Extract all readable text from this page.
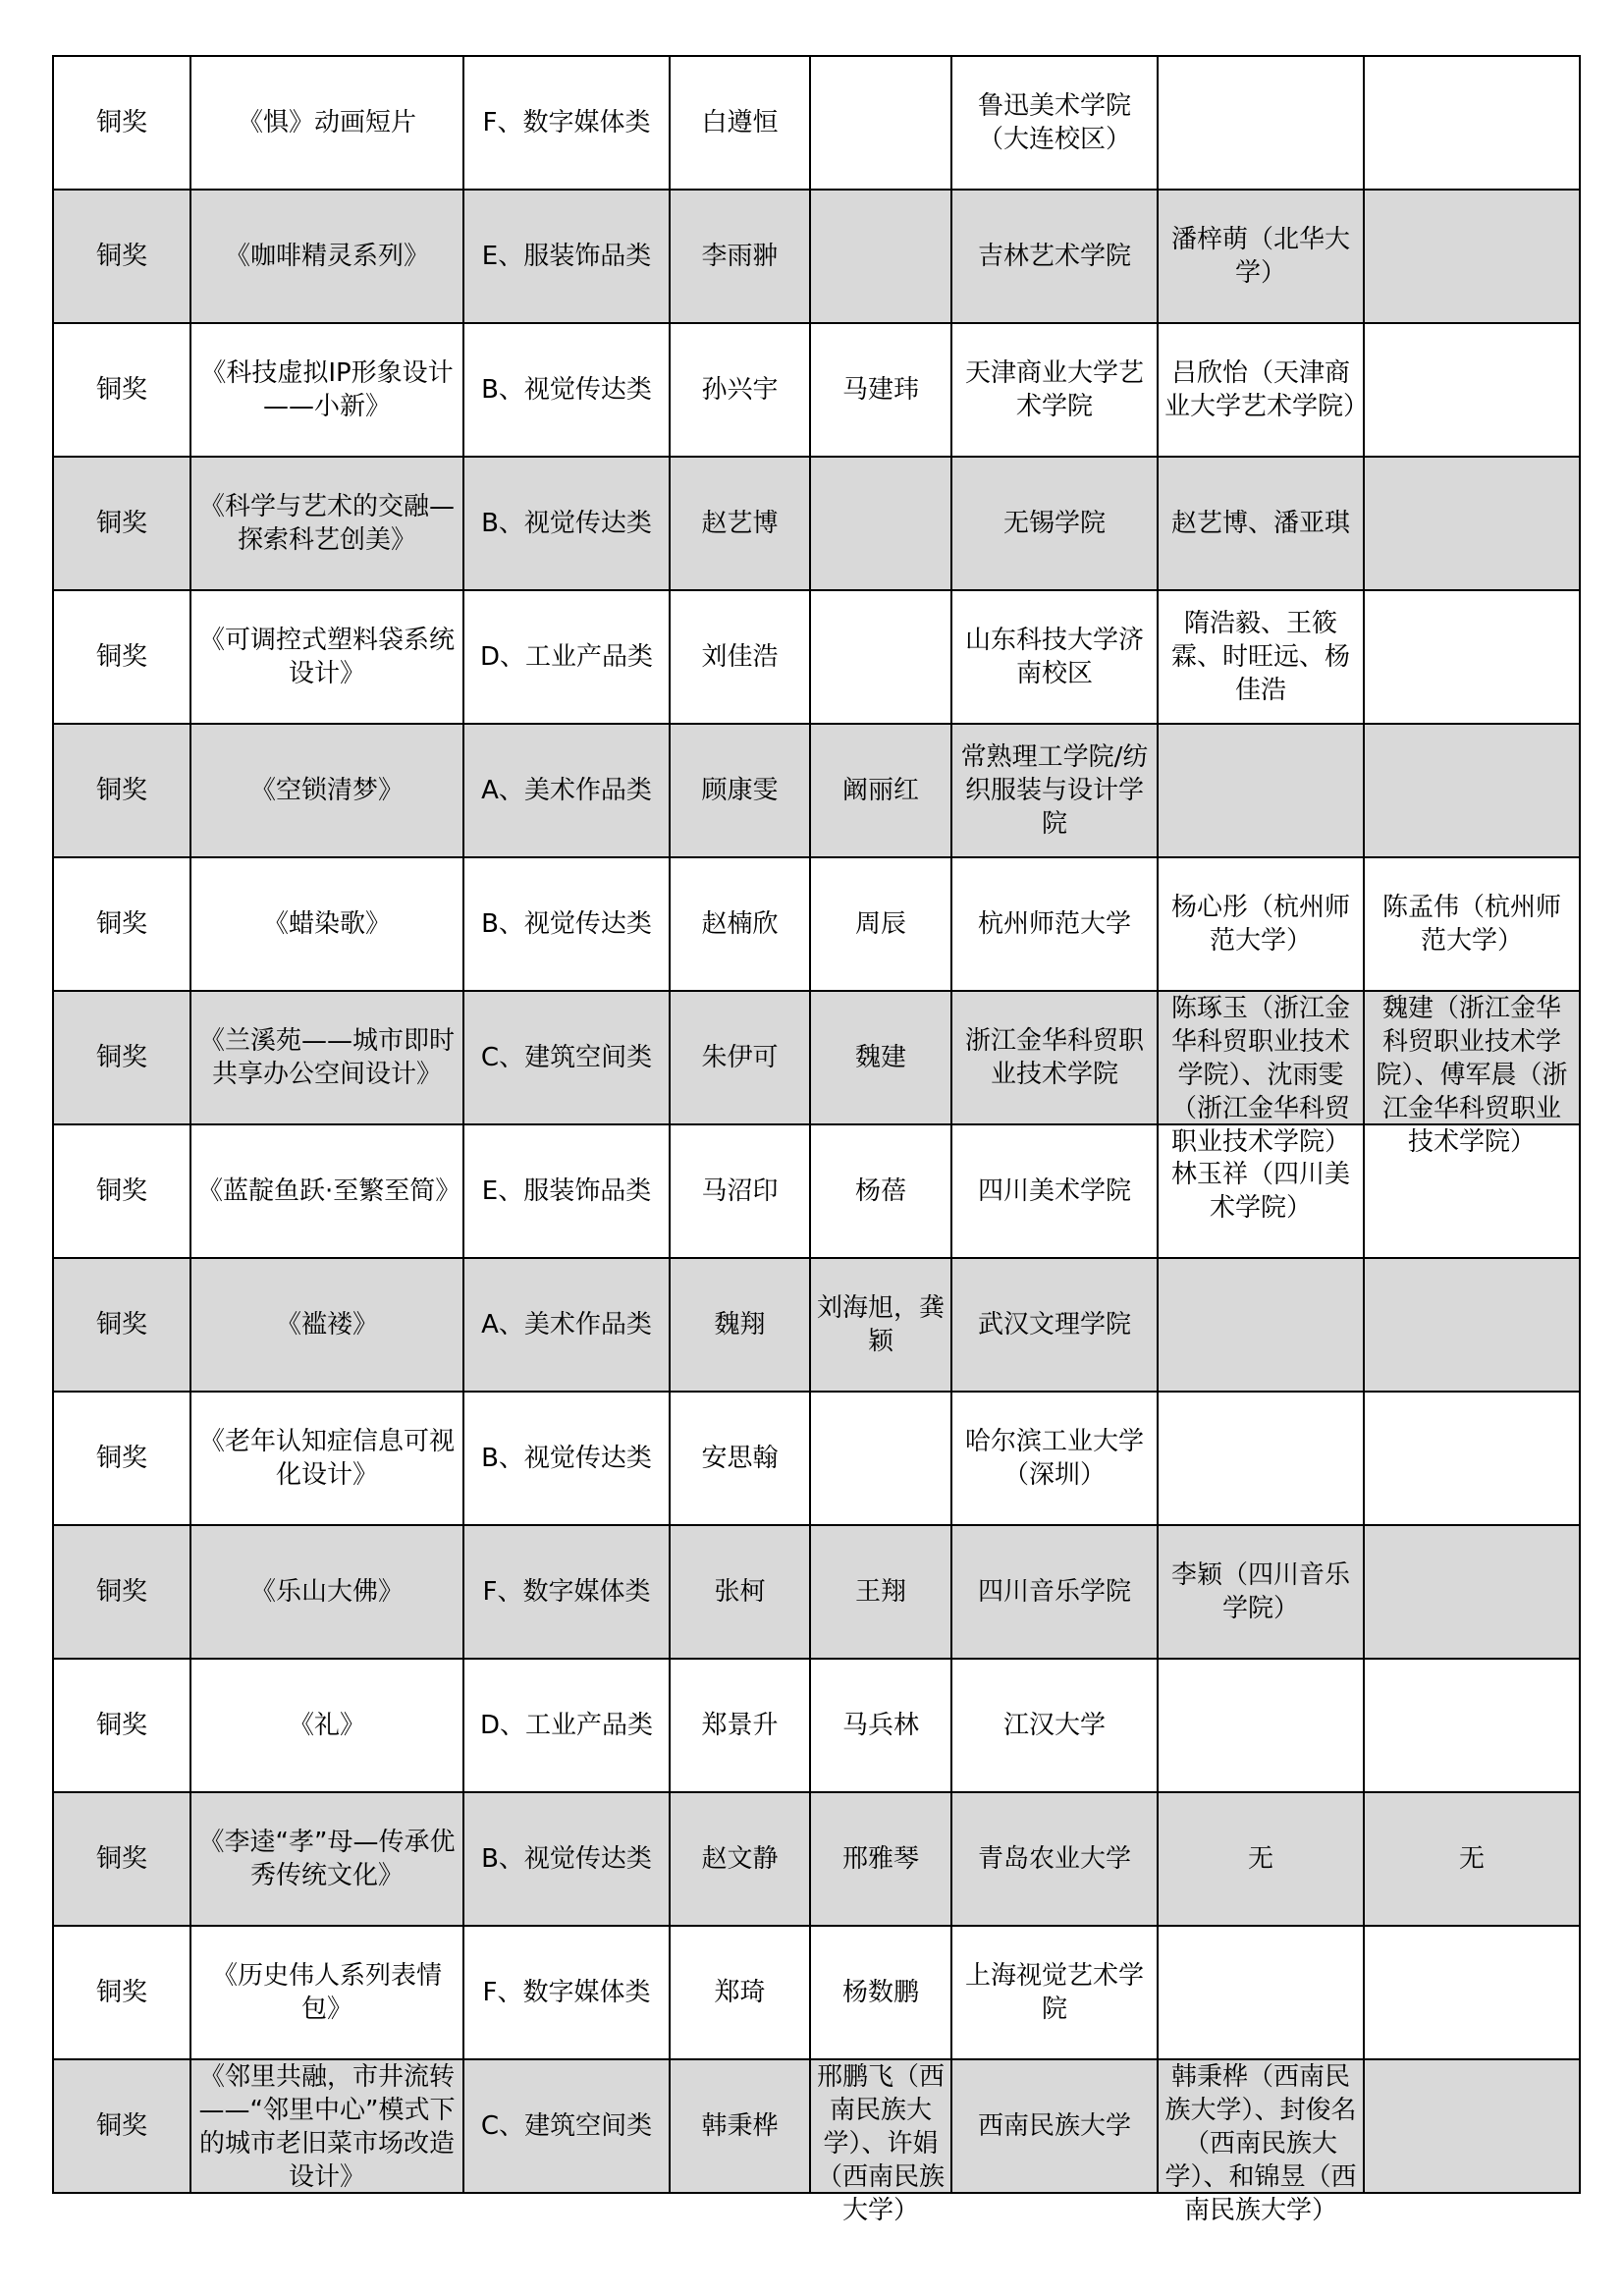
铜奖	《惧》动画短片	F、数字媒体类	白遵恒		鲁迅美术学院（大连校区）		

铜奖	《咖啡精灵系列》	E、服装饰品类	李雨翀		吉林艺术学院	潘梓萌（北华大学）	

铜奖	《科技虚拟IP形象设计——小新》	B、视觉传达类	孙兴宇	马建玮	天津商业大学艺术学院	吕欣怡（天津商业大学艺术学院）	

铜奖	《科学与艺术的交融—探索科艺创美》	B、视觉传达类	赵艺博		无锡学院	赵艺博、潘亚琪	

铜奖	《可调控式塑料袋系统设计》	D、工业产品类	刘佳浩		山东科技大学济南校区	隋浩毅、王筱霖、时旺远、杨佳浩	

铜奖	《空锁清梦》	A、美术作品类	顾康雯	阚丽红	常熟理工学院/纺织服装与设计学院		

铜奖	《蜡染歌》	B、视觉传达类	赵楠欣	周辰	杭州师范大学	杨心彤（杭州师范大学）	陈孟伟（杭州师范大学）

铜奖	《兰溪苑——城市即时共享办公空间设计》	C、建筑空间类	朱伊可	魏建	浙江金华科贸职业技术学院	陈琢玉（浙江金华科贸职业技术学院）、沈雨雯（浙江金华科贸职业技术学院）	魏建（浙江金华科贸职业技术学院）、傅军晨（浙江金华科贸职业技术学院）

铜奖	《蓝靛鱼跃·至繁至简》	E、服装饰品类	马沼印	杨蓓	四川美术学院	林玉祥（四川美术学院）	

铜奖	《褴褛》	A、美术作品类	魏翔	刘海旭，龚颖	武汉文理学院		

铜奖	《老年认知症信息可视化设计》	B、视觉传达类	安思翰		哈尔滨工业大学（深圳）		

铜奖	《乐山大佛》	F、数字媒体类	张柯	王翔	四川音乐学院	李颖（四川音乐学院）	

铜奖	《礼》	D、工业产品类	郑景升	马兵林	江汉大学		

铜奖	《李逵“孝”母—传承优秀传统文化》	B、视觉传达类	赵文静	邢雅琴	青岛农业大学	无	无

铜奖	《历史伟人系列表情包》	F、数字媒体类	郑琦	杨数鹏	上海视觉艺术学院		

铜奖	《邻里共融，市井流转——“邻里中心”模式下的城市老旧菜市场改造设计》	C、建筑空间类	韩秉桦	邢鹏飞（西南民族大学）、许娟（西南民族大学）	西南民族大学	韩秉桦（西南民族大学）、封俊名（西南民族大学）、和锦昱（西南民族大学）	
